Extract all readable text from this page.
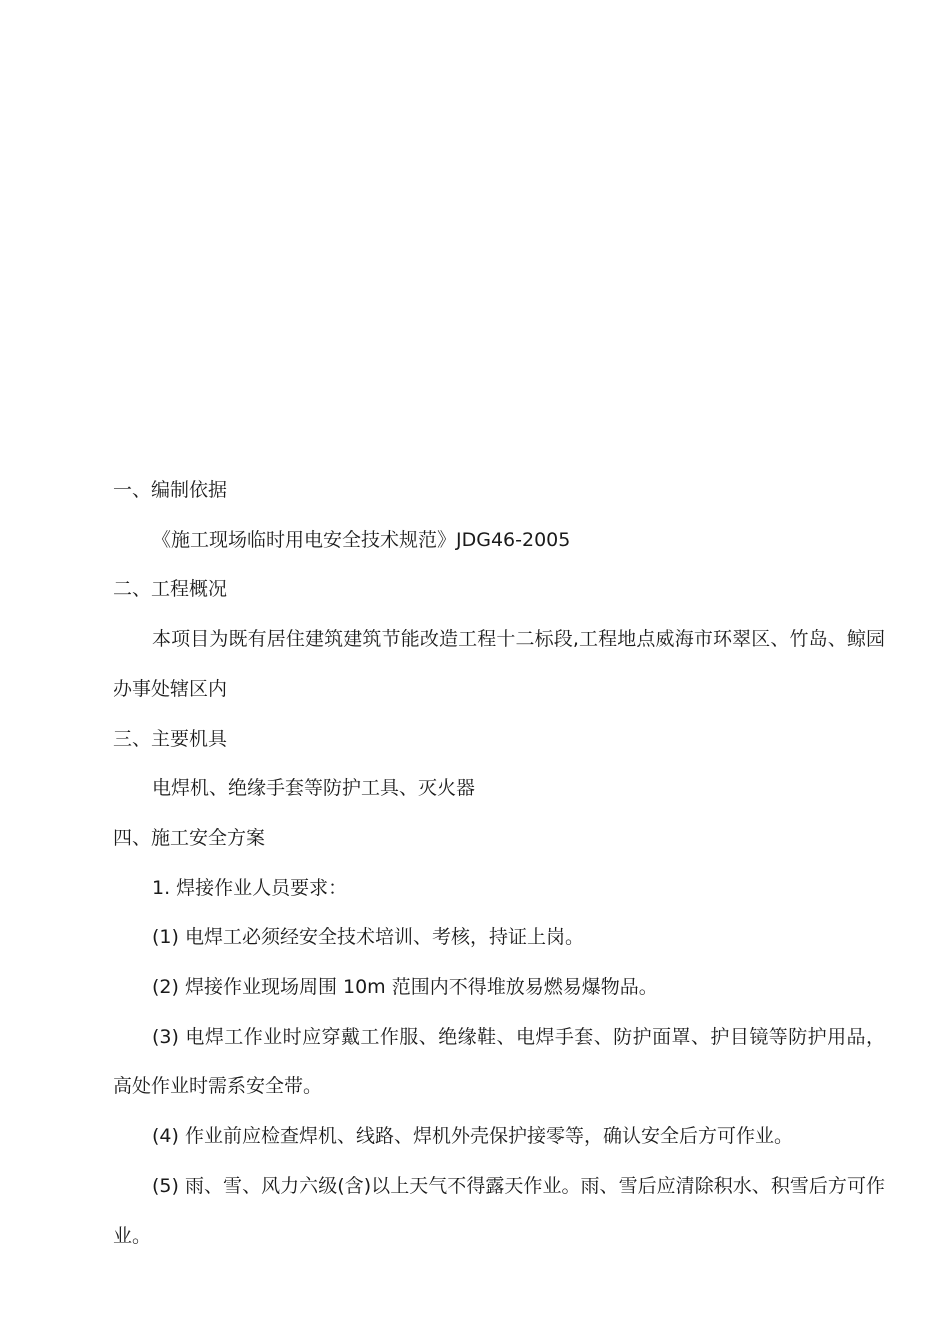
一、编制依据

《施工现场临时用电安全技术规范》JDG46-2005

二、工程概况

本项目为既有居住建筑建筑节能改造工程十二标段,工程地点威海市环翠区、竹岛、鲸园办事处辖区内

三、主要机具

电焊机、绝缘手套等防护工具、灭火器

四、施工安全方案

1. 焊接作业人员要求：

(1) 电焊工必须经安全技术培训、考核，持证上岗。

(2) 焊接作业现场周围 10m 范围内不得堆放易燃易爆物品。

(3) 电焊工作业时应穿戴工作服、绝缘鞋、电焊手套、防护面罩、护目镜等防护用品，高处作业时需系安全带。

(4) 作业前应检查焊机、线路、焊机外壳保护接零等，确认安全后方可作业。

(5) 雨、雪、风力六级(含)以上天气不得露天作业。雨、雪后应清除积水、积雪后方可作业。
